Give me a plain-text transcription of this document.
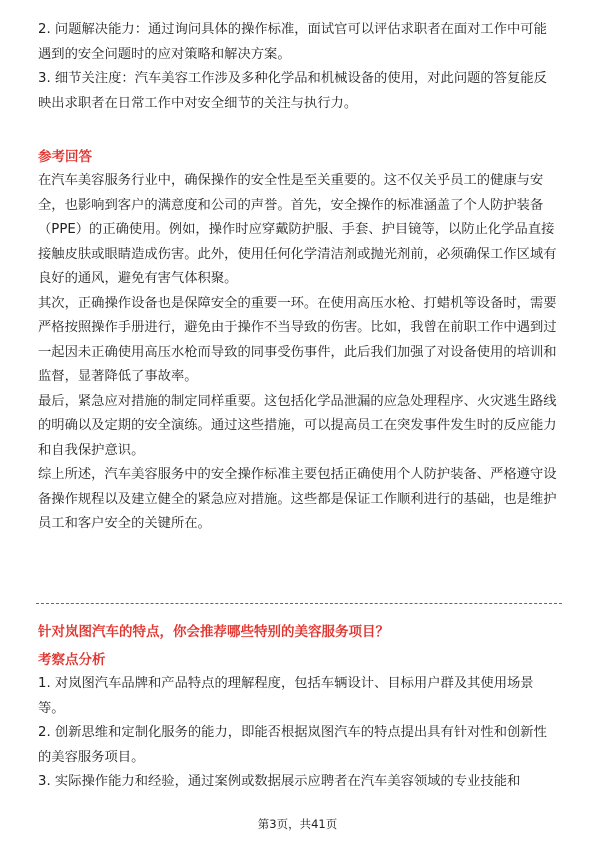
2. 问题解决能力：通过询问具体的操作标准，面试官可以评估求职者在面对工作中可能遇到的安全问题时的应对策略和解决方案。

3. 细节关注度：汽车美容工作涉及多种化学品和机械设备的使用，对此问题的答复能反映出求职者在日常工作中对安全细节的关注与执行力。

参考回答

在汽车美容服务行业中，确保操作的安全性是至关重要的。这不仅关乎员工的健康与安全，也影响到客户的满意度和公司的声誉。首先，安全操作的标准涵盖了个人防护装备（PPE）的正确使用。例如，操作时应穿戴防护服、手套、护目镜等，以防止化学品直接接触皮肤或眼睛造成伤害。此外，使用任何化学清洁剂或抛光剂前，必须确保工作区域有良好的通风，避免有害气体积聚。

其次，正确操作设备也是保障安全的重要一环。在使用高压水枪、打蜡机等设备时，需要严格按照操作手册进行，避免由于操作不当导致的伤害。比如，我曾在前职工作中遇到过一起因未正确使用高压水枪而导致的同事受伤事件，此后我们加强了对设备使用的培训和监督，显著降低了事故率。

最后，紧急应对措施的制定同样重要。这包括化学品泄漏的应急处理程序、火灾逃生路线的明确以及定期的安全演练。通过这些措施，可以提高员工在突发事件发生时的反应能力和自我保护意识。

综上所述，汽车美容服务中的安全操作标准主要包括正确使用个人防护装备、严格遵守设备操作规程以及建立健全的紧急应对措施。这些都是保证工作顺利进行的基础，也是维护员工和客户安全的关键所在。

针对岚图汽车的特点，你会推荐哪些特别的美容服务项目？

考察点分析

1. 对岚图汽车品牌和产品特点的理解程度，包括车辆设计、目标用户群及其使用场景等。

2. 创新思维和定制化服务的能力，即能否根据岚图汽车的特点提出具有针对性和创新性的美容服务项目。

3. 实际操作能力和经验，通过案例或数据展示应聘者在汽车美容领域的专业技能和

第3页，共41页
